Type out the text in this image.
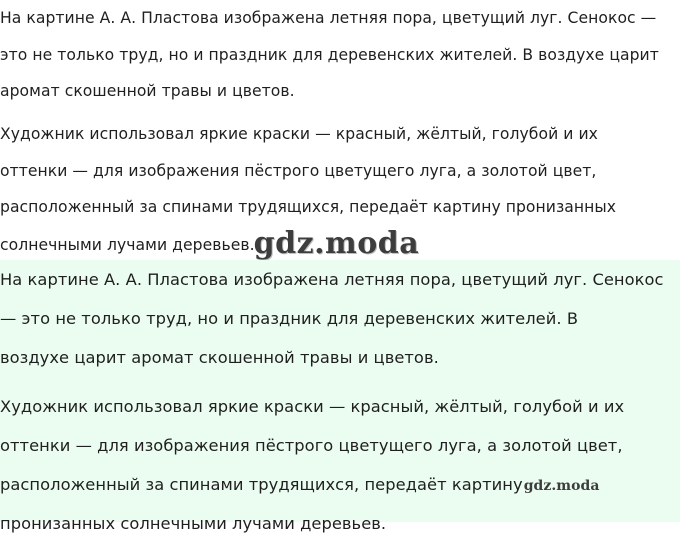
На картине А. А. Пластова изображена летняя пора, цветущий луг. Сенокос —
это не только труд, но и праздник для деревенских жителей. В воздухе царит
аромат скошенной травы и цветов.

Художник использовал яркие краски — красный, жёлтый, голубой и их
оттенки — для изображения пёстрого цветущего луга, а золотой цвет,
расположенный за спинами трудящихся, передаёт картину пронизанных
солнечными лучами деревьев.gdz.moda

На картине А. А. Пластова изображена летняя пора, цветущий луг. Сенокос
— это не только труд, но и праздник для деревенских жителей. В
воздухе царит аромат скошенной травы и цветов.

Художник использовал яркие краски — красный, жёлтый, голубой и их
оттенки — для изображения пёстрого цветущего луга, а золотой цвет,
расположенный за спинами трудящихся, передаёт картинуgdz.moda
пронизанных солнечными лучами деревьев.
